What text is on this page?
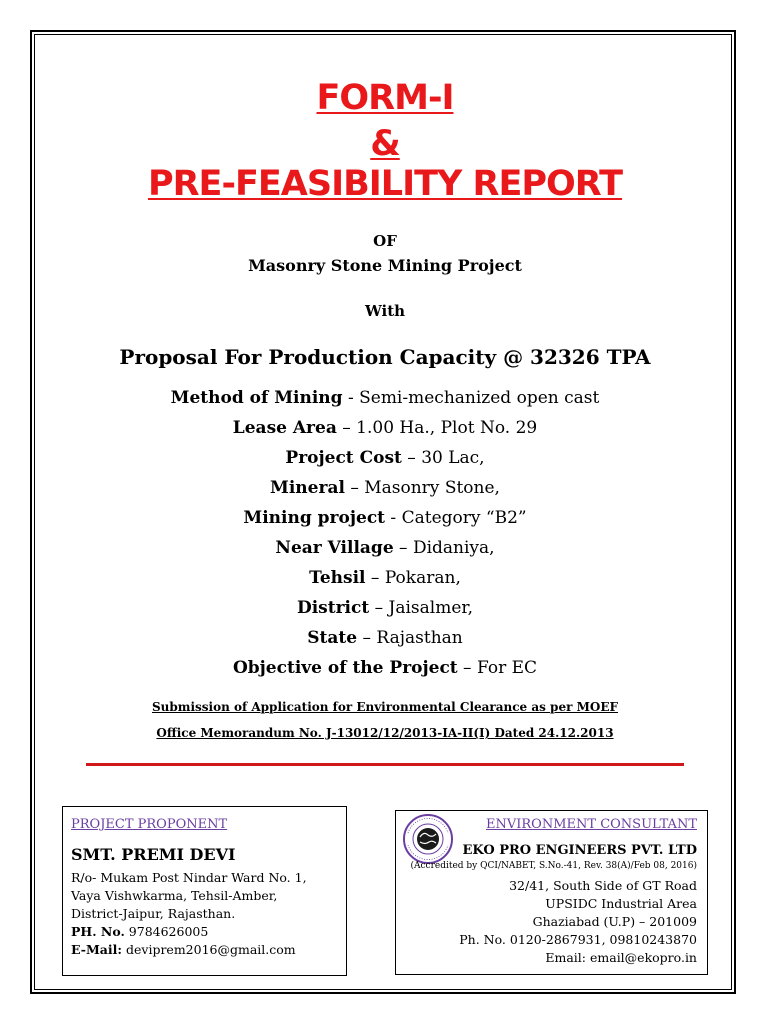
FORM-I
&
PRE-FEASIBILITY REPORT
OF
Masonry Stone Mining Project
With
Proposal For Production Capacity @ 32326 TPA
Method of Mining - Semi-mechanized open cast
Lease Area – 1.00 Ha., Plot No. 29
Project Cost – 30 Lac,
Mineral – Masonry Stone,
Mining project - Category “B2”
Near Village – Didaniya,
Tehsil – Pokaran,
District – Jaisalmer,
State – Rajasthan
Objective of the Project – For EC
Submission of Application for Environmental Clearance as per MOEF
Office Memorandum No. J-13012/12/2013-IA-II(I) Dated 24.12.2013
PROJECT PROPONENT
SMT. PREMI DEVI
R/o- Mukam Post Nindar Ward No. 1,
Vaya Vishwkarma, Tehsil-Amber,
District-Jaipur, Rajasthan.
PH. No. 9784626005
E-Mail: deviprem2016@gmail.com
ENVIRONMENT CONSULTANT
EKO PRO ENGINEERS PVT. LTD
(Accredited by QCI/NABET, S.No.-41, Rev. 38(A)/Feb 08, 2016)
32/41, South Side of GT Road
UPSIDC Industrial Area
Ghaziabad (U.P) – 201009
Ph. No. 0120-2867931, 09810243870
Email: email@ekopro.in
